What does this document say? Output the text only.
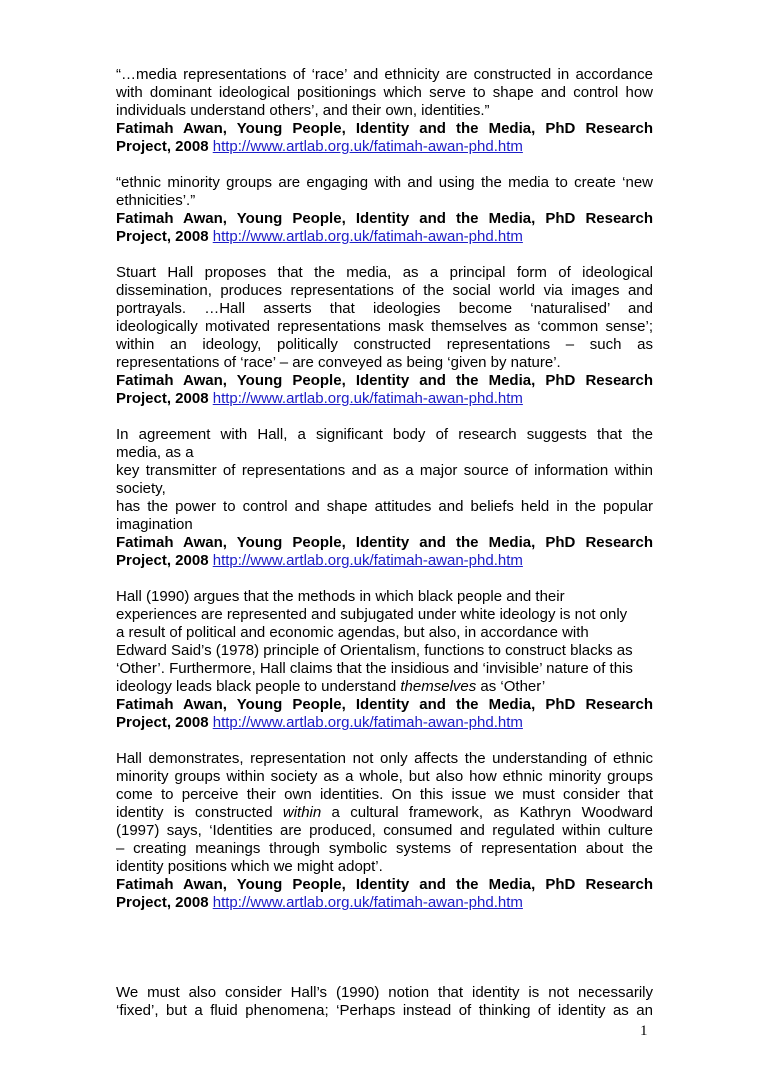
“…media representations of ‘race’ and ethnicity are constructed in accordance
with dominant ideological positionings which serve to shape and control how
individuals understand others’, and their own, identities.”
Fatimah Awan, Young People, Identity and the Media, PhD Research
Project, 2008 http://www.artlab.org.uk/fatimah-awan-phd.htm
“ethnic minority groups are engaging with and using the media to create ‘new
ethnicities’.”
Fatimah Awan, Young People, Identity and the Media, PhD Research
Project, 2008 http://www.artlab.org.uk/fatimah-awan-phd.htm
Stuart Hall proposes that the media, as a principal form of ideological
dissemination, produces representations of the social world via images and
portrayals. …Hall asserts that ideologies become ‘naturalised’ and
ideologically motivated representations mask themselves as ‘common sense’;
within an ideology, politically constructed representations – such as
representations of ‘race’ – are conveyed as being ‘given by nature’.
Fatimah Awan, Young People, Identity and the Media, PhD Research
Project, 2008 http://www.artlab.org.uk/fatimah-awan-phd.htm
In agreement with Hall, a significant body of research suggests that the
media, as a
key transmitter of representations and as a major source of information within
society,
has the power to control and shape attitudes and beliefs held in the popular
imagination
Fatimah Awan, Young People, Identity and the Media, PhD Research
Project, 2008 http://www.artlab.org.uk/fatimah-awan-phd.htm
Hall (1990) argues that the methods in which black people and their
experiences are represented and subjugated under white ideology is not only
a result of political and economic agendas, but also, in accordance with
Edward Said’s (1978) principle of Orientalism, functions to construct blacks as
‘Other’. Furthermore, Hall claims that the insidious and ‘invisible’ nature of this
ideology leads black people to understand themselves as ‘Other’
Fatimah Awan, Young People, Identity and the Media, PhD Research
Project, 2008 http://www.artlab.org.uk/fatimah-awan-phd.htm
Hall demonstrates, representation not only affects the understanding of ethnic
minority groups within society as a whole, but also how ethnic minority groups
come to perceive their own identities. On this issue we must consider that
identity is constructed within a cultural framework, as Kathryn Woodward
(1997) says, ‘Identities are produced, consumed and regulated within culture
– creating meanings through symbolic systems of representation about the
identity positions which we might adopt’.
Fatimah Awan, Young People, Identity and the Media, PhD Research
Project, 2008 http://www.artlab.org.uk/fatimah-awan-phd.htm
We must also consider Hall’s (1990) notion that identity is not necessarily
‘fixed’, but a fluid phenomena; ‘Perhaps instead of thinking of identity as an
1
